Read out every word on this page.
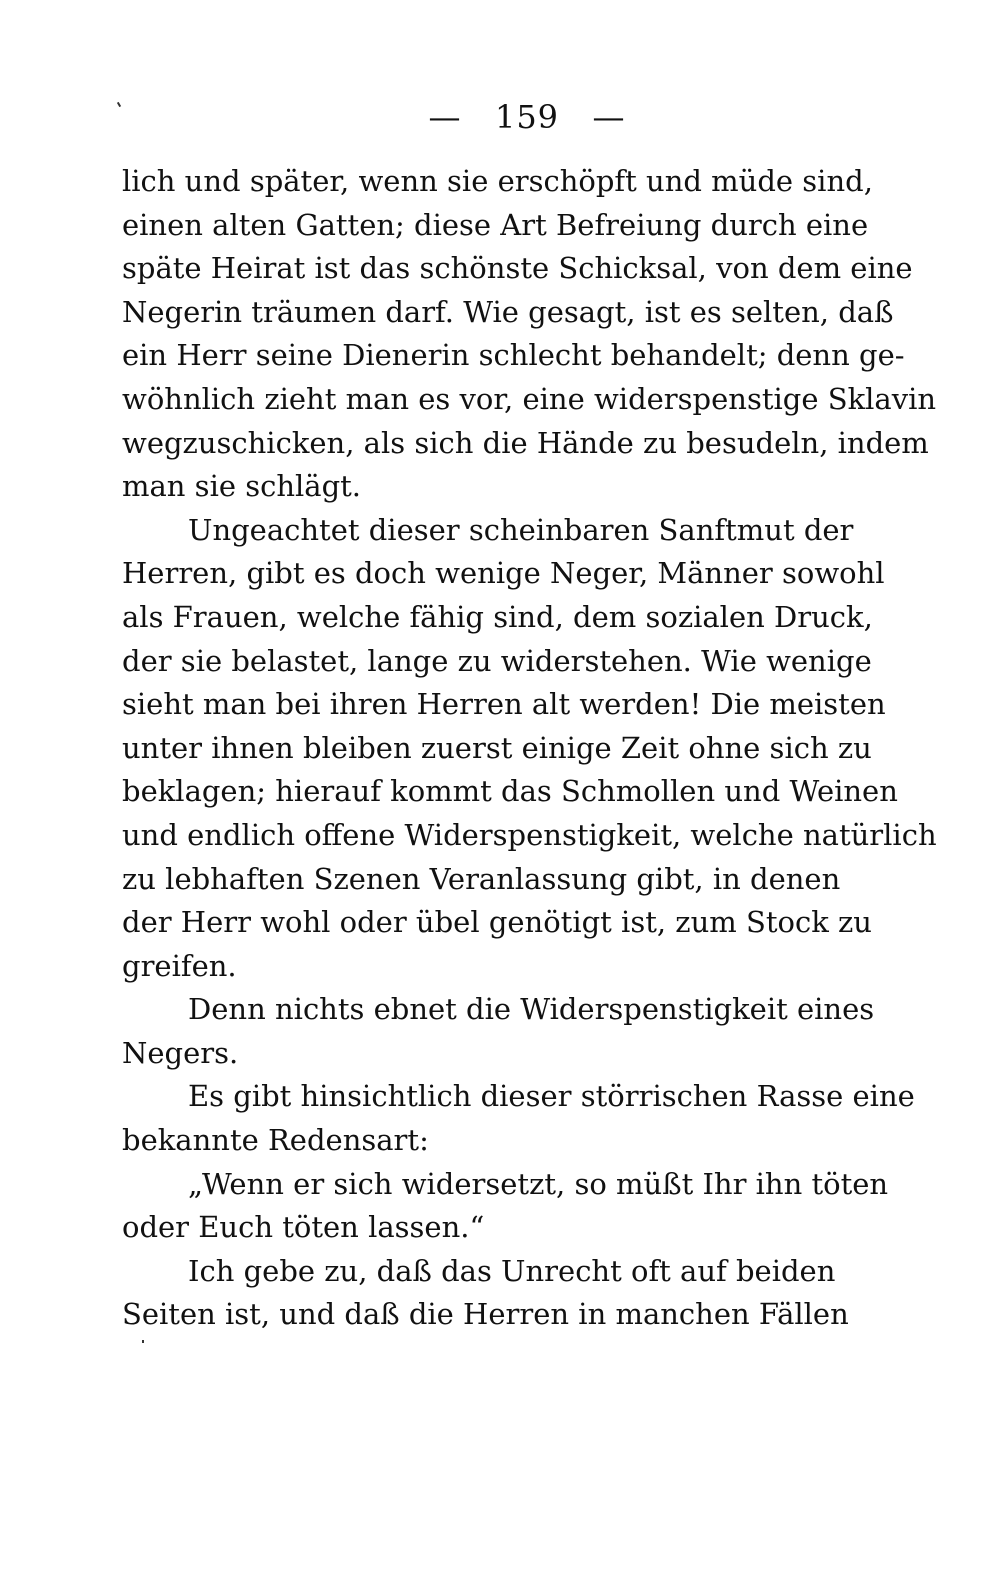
— 159 —
lich und später, wenn sie erschöpft und müde sind,
einen alten Gatten; diese Art Befreiung durch eine
späte Heirat ist das schönste Schicksal, von dem eine
Negerin träumen darf. Wie gesagt, ist es selten, daß
ein Herr seine Dienerin schlecht behandelt; denn ge-
wöhnlich zieht man es vor, eine widerspenstige Sklavin
wegzuschicken, als sich die Hände zu besudeln, indem
man sie schlägt.
Ungeachtet dieser scheinbaren Sanftmut der
Herren, gibt es doch wenige Neger, Männer sowohl
als Frauen, welche fähig sind, dem sozialen Druck,
der sie belastet, lange zu widerstehen. Wie wenige
sieht man bei ihren Herren alt werden! Die meisten
unter ihnen bleiben zuerst einige Zeit ohne sich zu
beklagen; hierauf kommt das Schmollen und Weinen
und endlich offene Widerspenstigkeit, welche natürlich
zu lebhaften Szenen Veranlassung gibt, in denen
der Herr wohl oder übel genötigt ist, zum Stock zu
greifen.
Denn nichts ebnet die Widerspenstigkeit eines
Negers.
Es gibt hinsichtlich dieser störrischen Rasse eine
bekannte Redensart:
„Wenn er sich widersetzt, so müßt Ihr ihn töten
oder Euch töten lassen.“
Ich gebe zu, daß das Unrecht oft auf beiden
Seiten ist, und daß die Herren in manchen Fällen
